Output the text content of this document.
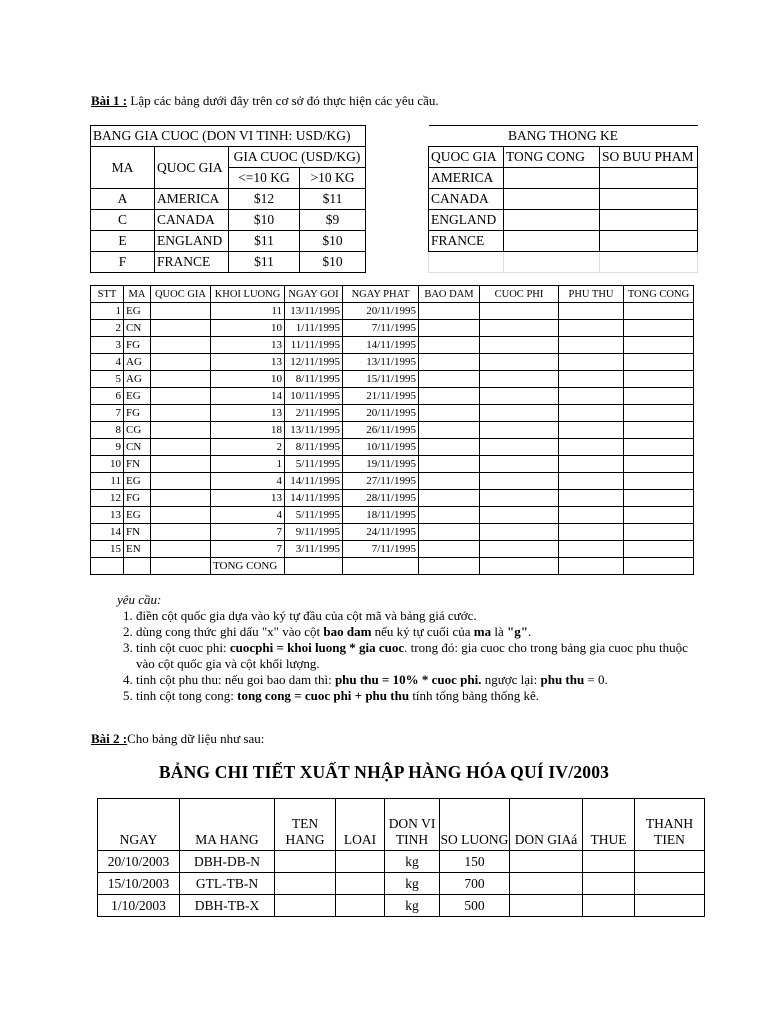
Bài 1 : Lập các bảng dưới đây trên cơ sở đó thực hiện các yêu cầu.
BANG GIA CUOC (DON VI TINH: USD/KG)			
MA	QUOC GIA	GIA CUOC (USD/KG)	
		<=10 KG	>10 KG
A	AMERICA	$12	$11
C	CANADA	$10	$9
E	ENGLAND	$11	$10
F	FRANCE	$11	$10
BANG THONG KE		
QUOC GIA	TONG CONG	SO BUU PHAM
AMERICA		
CANADA		
ENGLAND		
FRANCE		

STT	MA	QUOC GIA	KHOI LUONG	NGAY GOI	NGAY PHAT	BAO DAM	CUOC PHI	PHU THU	TONG CONG
1	EG		11	13/11/1995	20/11/1995				
2	CN		10	1/11/1995	7/11/1995				
3	FG		13	11/11/1995	14/11/1995				
4	AG		13	12/11/1995	13/11/1995				
5	AG		10	8/11/1995	15/11/1995				
6	EG		14	10/11/1995	21/11/1995				
7	FG		13	2/11/1995	20/11/1995				
8	CG		18	13/11/1995	26/11/1995				
9	CN		2	8/11/1995	10/11/1995				
10	FN		1	5/11/1995	19/11/1995				
11	EG		4	14/11/1995	27/11/1995				
12	FG		13	14/11/1995	28/11/1995				
13	EG		4	5/11/1995	18/11/1995				
14	FN		7	9/11/1995	24/11/1995				
15	EN		7	3/11/1995	7/11/1995				
			TONG CONG						
yêu cầu:
1. điền cột quốc gia dựa vào ký tự đầu của cột mã và bảng giá cước.
2. dùng cong thức ghi dấu "x" vào cột bao dam nếu ký tự cuối của ma là "g".
3. tinh cột cuoc phi: cuocphi = khoi luong * gia cuoc. trong đó: gia cuoc cho trong bảng gia cuoc phu thuộc vào cột quốc gia và cột khối lượng.
4. tinh cột phu thu: nếu goi bao dam thì: phu thu = 10% * cuoc phi. ngược lại: phu thu = 0.
5. tinh cột tong cong: tong cong = cuoc phi + phu thu tính tổng bảng thống kê.
Bài 2 :Cho bảng dữ liệu như sau:
BẢNG CHI TIẾT XUẤT NHẬP HÀNG HÓA QUÍ IV/2003
NGAY	MA HANG	TEN HANG	LOAI	DON VI TINH	SO LUONG	DON GIAá	THUE	THANH TIEN
20/10/2003	DBH-DB-N			kg	150			
15/10/2003	GTL-TB-N			kg	700			
1/10/2003	DBH-TB-X			kg	500			
